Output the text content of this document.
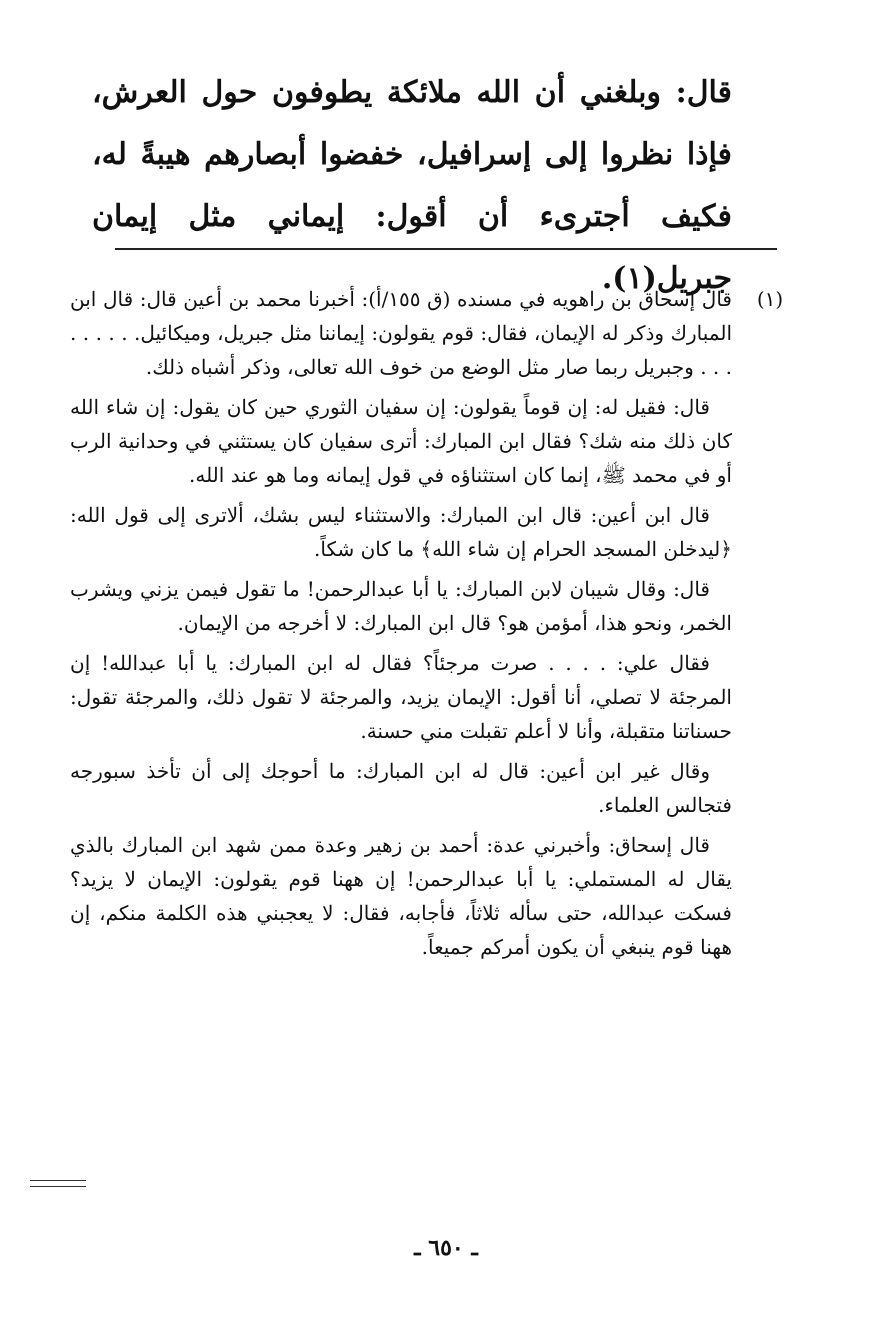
قال: وبلغني أن الله ملائكة يطوفون حول العرش، فإذا نظروا إلى إسرافيل، خفضوا أبصارهم هيبةً له، فكيف أجترىء أن أقول: إيماني مثل إيمان جبريل(١).

(١)

قال إسحاق بن راهويه في مسنده (ق ١٥٥/أ): أخبرنا محمد بن أعين قال: قال ابن المبارك وذكر له الإيمان، فقال: قوم يقولون: إيماننا مثل جبريل، وميكائيل. . . . . . . . . وجبريل ربما صار مثل الوضع من خوف الله تعالى، وذكر أشباه ذلك.

قال: فقيل له: إن قوماً يقولون: إن سفيان الثوري حين كان يقول: إن شاء الله كان ذلك منه شك؟ فقال ابن المبارك: أترى سفيان كان يستثني في وحدانية الرب أو في محمد ﷺ، إنما كان استثناؤه في قول إيمانه وما هو عند الله.

قال ابن أعين: قال ابن المبارك: والاستثناء ليس بشك، ألاترى إلى قول الله: ﴿ليدخلن المسجد الحرام إن شاء الله﴾ ما كان شكاً.

قال: وقال شيبان لابن المبارك: يا أبا عبدالرحمن! ما تقول فيمن يزني ويشرب الخمر، ونحو هذا، أمؤمن هو؟ قال ابن المبارك: لا أخرجه من الإيمان.

فقال علي: . . . . صرت مرجئاً؟ فقال له ابن المبارك: يا أبا عبدالله! إن المرجئة لا تصلي، أنا أقول: الإيمان يزيد، والمرجئة لا تقول ذلك، والمرجئة تقول: حسناتنا متقبلة، وأنا لا أعلم تقبلت مني حسنة.

وقال غير ابن أعين: قال له ابن المبارك: ما أحوجك إلى أن تأخذ سبورجه فتجالس العلماء.

قال إسحاق: وأخبرني عدة: أحمد بن زهير وعدة ممن شهد ابن المبارك بالذي يقال له المستملي: يا أبا عبدالرحمن! إن ههنا قوم يقولون: الإيمان لا يزيد؟ فسكت عبدالله، حتى سأله ثلاثاً، فأجابه، فقال: لا يعجبني هذه الكلمة منكم، إن ههنا قوم ينبغي أن يكون أمركم جميعاً.

ـ ٦٥٠ ـ
